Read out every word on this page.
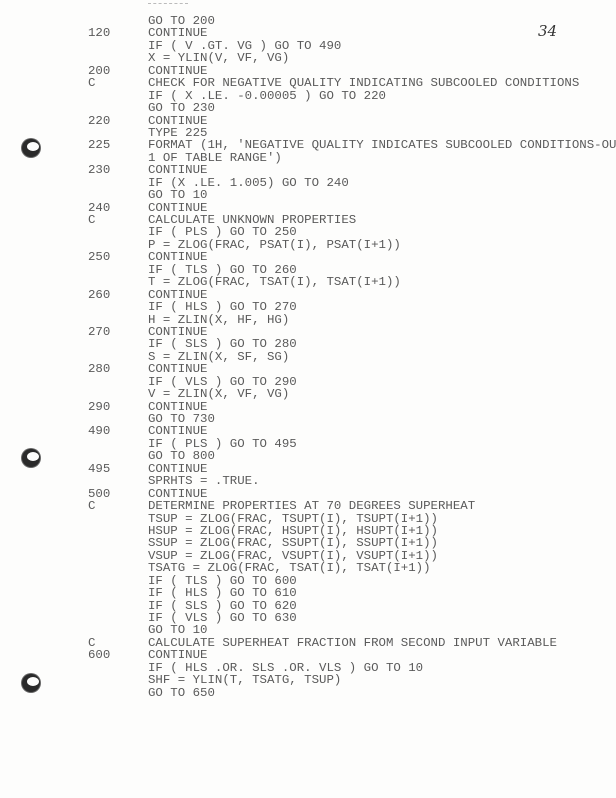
34
GO TO 200
120	CONTINUE
IF ( V .GT. VG ) GO TO 490
X = YLIN(V, VF, VG)
200	CONTINUE
C	CHECK FOR NEGATIVE QUALITY INDICATING SUBCOOLED CONDITIONS
IF ( X .LE. -0.00005 ) GO TO 220
GO TO 230
220	CONTINUE
TYPE 225
225	FORMAT (1H, 'NEGATIVE QUALITY INDICATES SUBCOOLED CONDITIONS-OU
1 OF TABLE RANGE')
230	CONTINUE
IF (X .LE. 1.005) GO TO 240
GO TO 10
240	CONTINUE
C	CALCULATE UNKNOWN PROPERTIES
IF ( PLS ) GO TO 250
P = ZLOG(FRAC, PSAT(I), PSAT(I+1))
250	CONTINUE
IF ( TLS ) GO TO 260
T = ZLOG(FRAC, TSAT(I), TSAT(I+1))
260	CONTINUE
IF ( HLS ) GO TO 270
H = ZLIN(X, HF, HG)
270	CONTINUE
IF ( SLS ) GO TO 280
S = ZLIN(X, SF, SG)
280	CONTINUE
IF ( VLS ) GO TO 290
V = ZLIN(X, VF, VG)
290	CONTINUE
GO TO 730
490	CONTINUE
IF ( PLS ) GO TO 495
GO TO 800
495	CONTINUE
SPRHTS = .TRUE.
500	CONTINUE
C	DETERMINE PROPERTIES AT 70 DEGREES SUPERHEAT
TSUP = ZLOG(FRAC, TSUPT(I), TSUPT(I+1))
HSUP = ZLOG(FRAC, HSUPT(I), HSUPT(I+1))
SSUP = ZLOG(FRAC, SSUPT(I), SSUPT(I+1))
VSUP = ZLOG(FRAC, VSUPT(I), VSUPT(I+1))
TSATG = ZLOG(FRAC, TSAT(I), TSAT(I+1))
IF ( TLS ) GO TO 600
IF ( HLS ) GO TO 610
IF ( SLS ) GO TO 620
IF ( VLS ) GO TO 630
GO TO 10
C	CALCULATE SUPERHEAT FRACTION FROM SECOND INPUT VARIABLE
600	CONTINUE
IF ( HLS .OR. SLS .OR. VLS ) GO TO 10
SHF = YLIN(T, TSATG, TSUP)
GO TO 650
